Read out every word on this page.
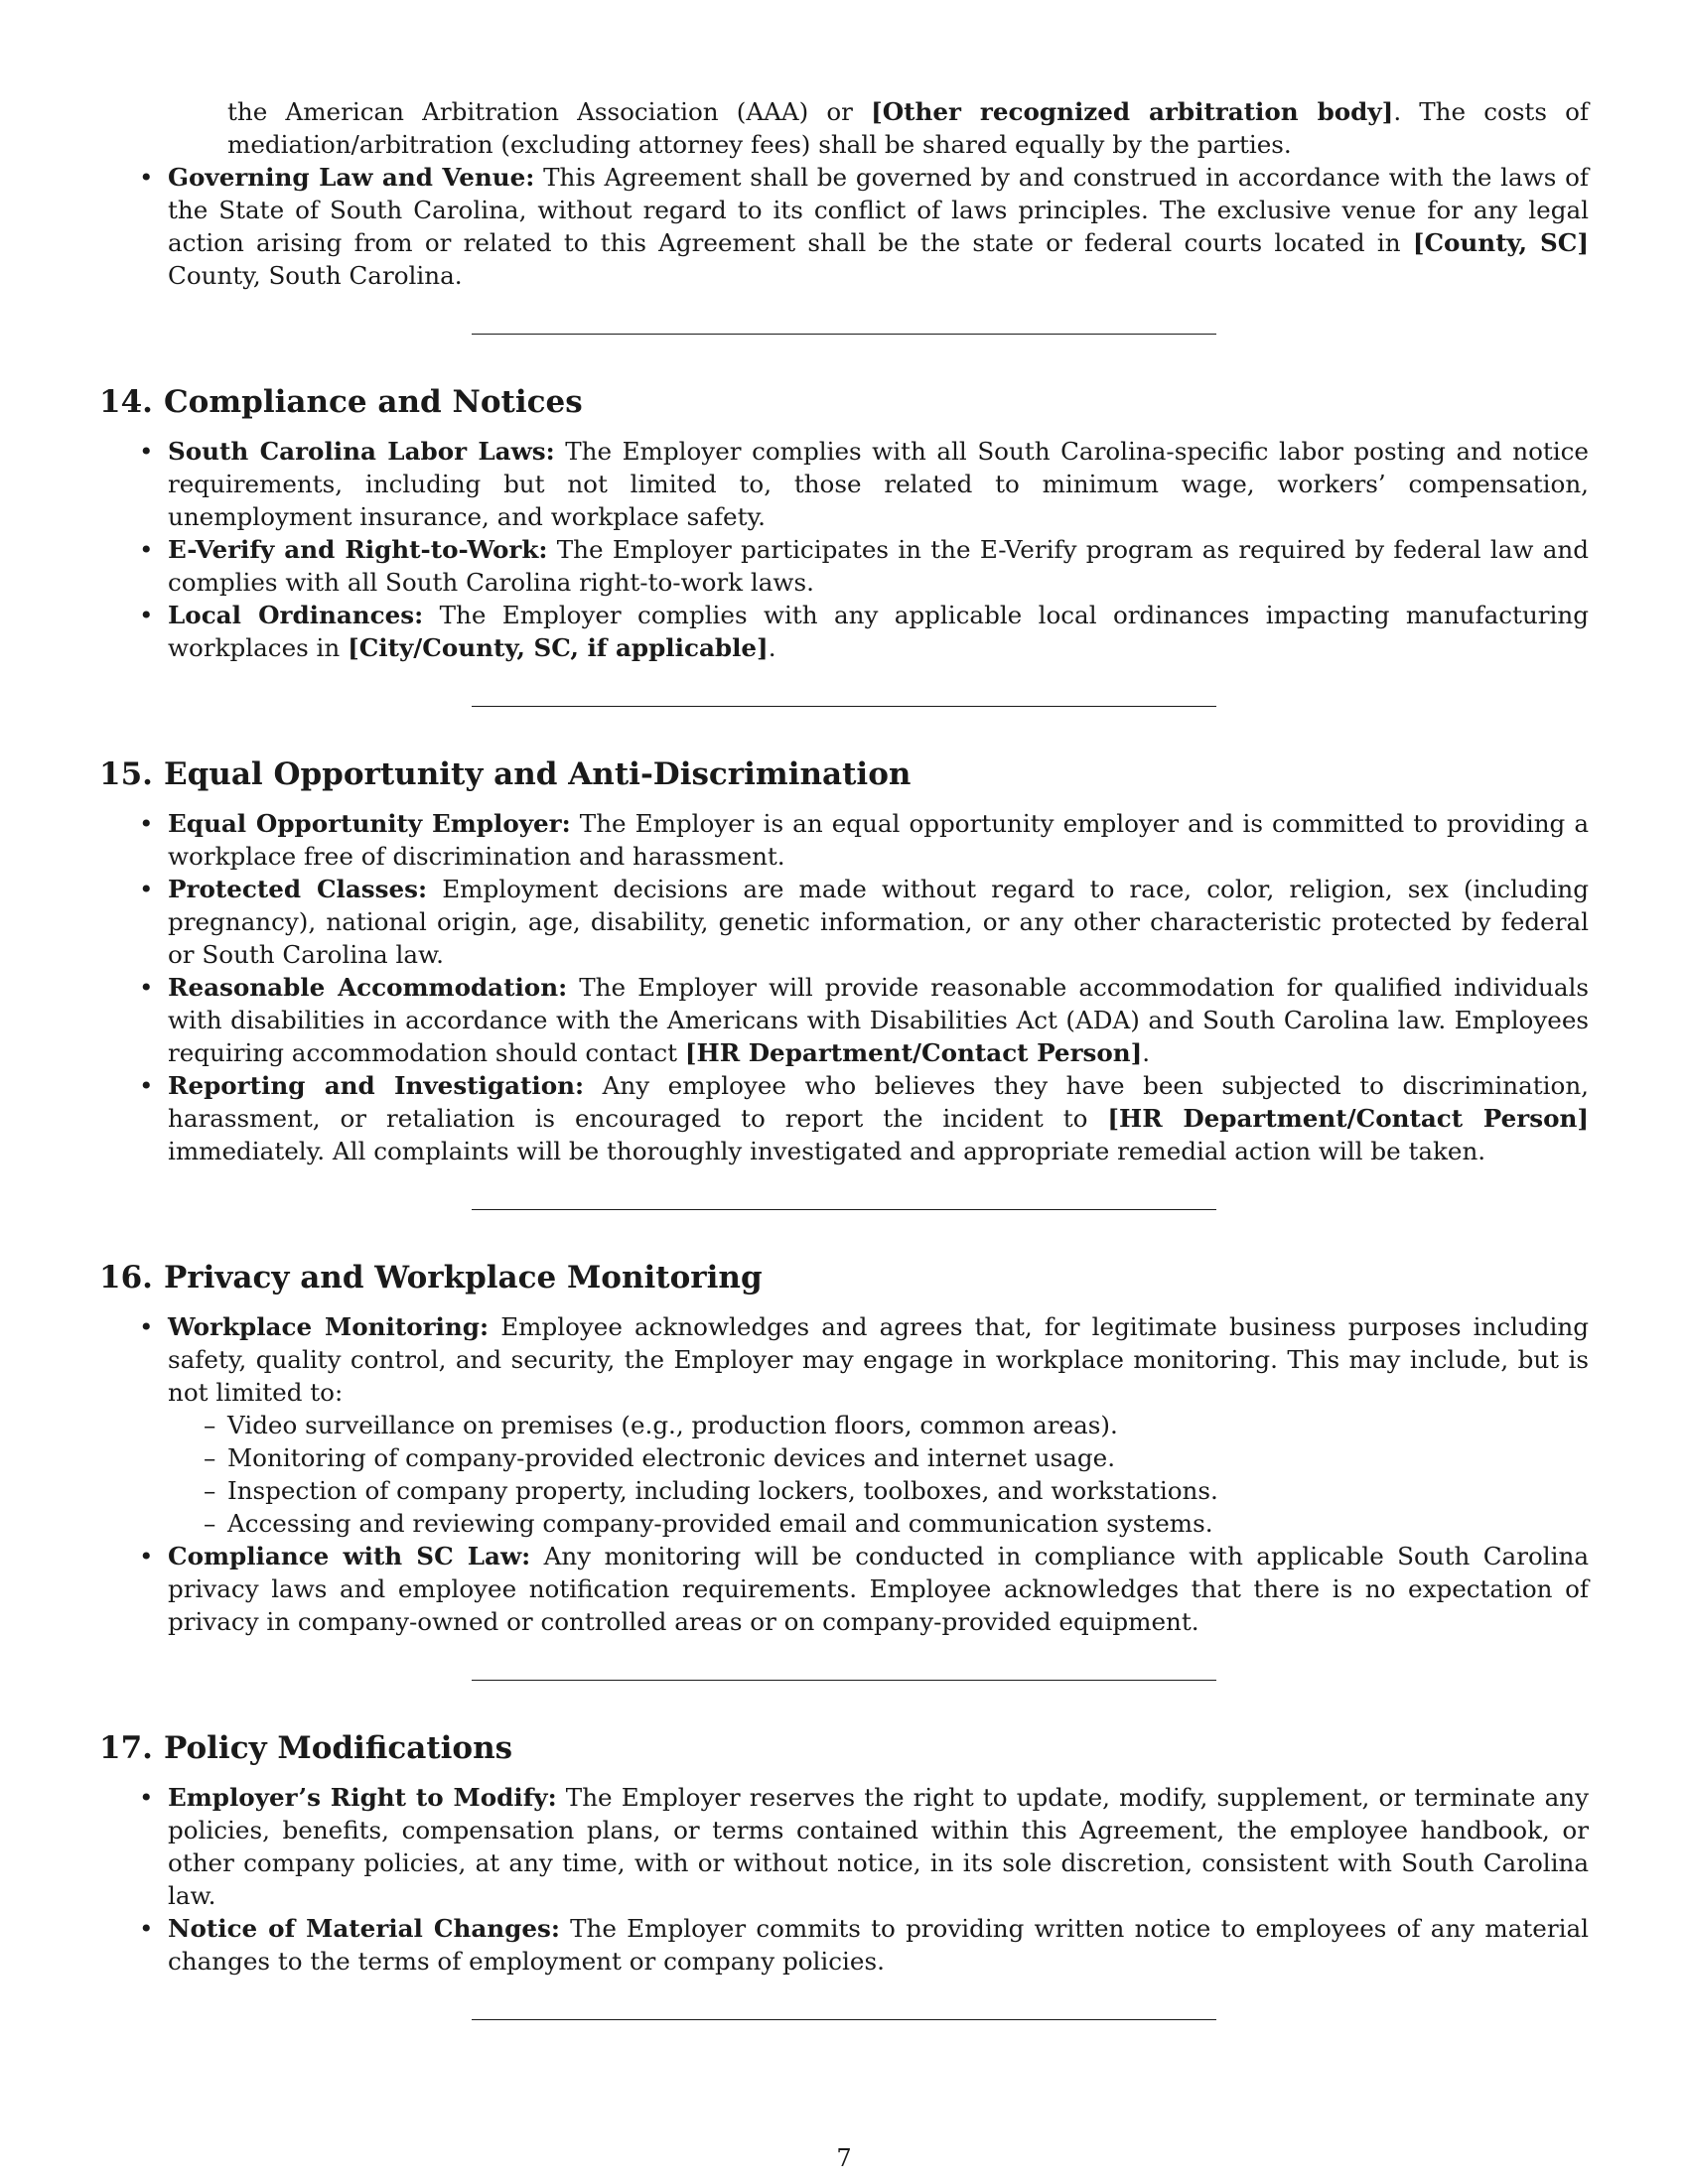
the American Arbitration Association (AAA) or [Other recognized arbitration body]. The costs of mediation/arbitration (excluding attorney fees) shall be shared equally by the parties.
• Governing Law and Venue: This Agreement shall be governed by and construed in accordance with the laws of the State of South Carolina, without regard to its conflict of laws principles. The exclusive venue for any legal action arising from or related to this Agreement shall be the state or federal courts located in [County, SC] County, South Carolina.
14. Compliance and Notices
• South Carolina Labor Laws: The Employer complies with all South Carolina-specific labor posting and notice requirements, including but not limited to, those related to minimum wage, workers’ compensation, unemployment insurance, and workplace safety.
• E-Verify and Right-to-Work: The Employer participates in the E-Verify program as required by federal law and complies with all South Carolina right-to-work laws.
• Local Ordinances: The Employer complies with any applicable local ordinances impacting manufacturing workplaces in [City/County, SC, if applicable].
15. Equal Opportunity and Anti-Discrimination
• Equal Opportunity Employer: The Employer is an equal opportunity employer and is committed to providing a workplace free of discrimination and harassment.
• Protected Classes: Employment decisions are made without regard to race, color, religion, sex (including pregnancy), national origin, age, disability, genetic information, or any other characteristic protected by federal or South Carolina law.
• Reasonable Accommodation: The Employer will provide reasonable accommodation for qualified individuals with disabilities in accordance with the Americans with Disabilities Act (ADA) and South Carolina law. Employees requiring accommodation should contact [HR Department/Contact Person].
• Reporting and Investigation: Any employee who believes they have been subjected to discrimination, harassment, or retaliation is encouraged to report the incident to [HR Department/Contact Person] immediately. All complaints will be thoroughly investigated and appropriate remedial action will be taken.
16. Privacy and Workplace Monitoring
• Workplace Monitoring: Employee acknowledges and agrees that, for legitimate business purposes including safety, quality control, and security, the Employer may engage in workplace monitoring. This may include, but is not limited to:
– Video surveillance on premises (e.g., production floors, common areas).
– Monitoring of company-provided electronic devices and internet usage.
– Inspection of company property, including lockers, toolboxes, and workstations.
– Accessing and reviewing company-provided email and communication systems.
• Compliance with SC Law: Any monitoring will be conducted in compliance with applicable South Carolina privacy laws and employee notification requirements. Employee acknowledges that there is no expectation of privacy in company-owned or controlled areas or on company-provided equipment.
17. Policy Modifications
• Employer’s Right to Modify: The Employer reserves the right to update, modify, supplement, or terminate any policies, benefits, compensation plans, or terms contained within this Agreement, the employee handbook, or other company policies, at any time, with or without notice, in its sole discretion, consistent with South Carolina law.
• Notice of Material Changes: The Employer commits to providing written notice to employees of any material changes to the terms of employment or company policies.
7
